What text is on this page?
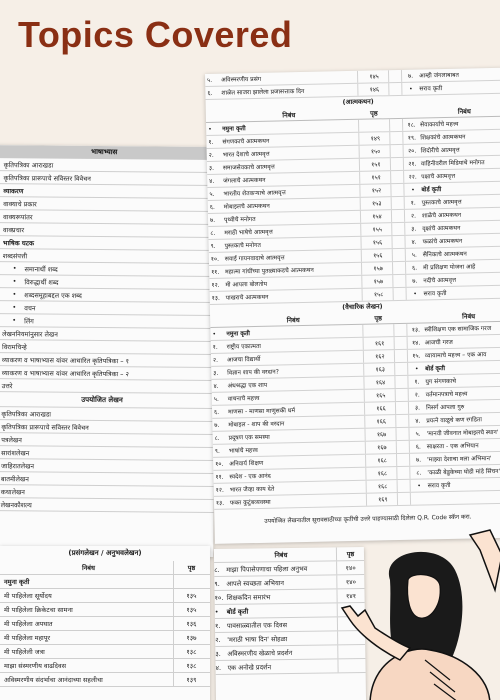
Topics Covered
भाषाभ्यास
कृतिपत्रिका आराखडा
कृतिपत्रिका प्रारूपाचे सविस्तर विवेचन
व्याकरण
वाक्याचे प्रकार
वाक्यरूपांतर
वाक्प्रचार
भाषिक घटक
शब्दसंपत्ती
• समानार्थी शब्द
• विरुद्धार्थी शब्द
• शब्दसमूहाबद्दल एक शब्द
• वचन
• लिंग
लेखननियमांनुसार लेखन
विरामचिन्हे
व्याकरण व भाषाभ्यास यांवर आधारित कृतिपत्रिका – १
व्याकरण व भाषाभ्यास यांवर आधारित कृतिपत्रिका – २
उत्तरे
उपयोजित लेखन
कृतिपत्रिका आराखडा
कृतिपत्रिका प्रारूपाचे सविस्तर विवेचन
पत्रलेखन
सारांशलेखन
जाहिरातलेखन
बातमीलेखन
कथालेखन
लेखनकौशल्य
५.	अविस्मरणीय प्रसंग	१४५	७. आम्ही जंगलाबाबत
६.	शाळेत साजरा झालेला प्रजासत्ताक दिन	१४६	•	सराव कृती
(आत्मकथन)
निबंध	पृष्ठ	निबंध
•	नमुना कृती	१८. सेवाकार्याचे महत्त्व
१.	संगणकाचे आत्मकथन	१४९	१९. शिक्षकांचे आत्मकथन
२.	भारत देशाचे आत्मवृत्त	१५०	२०. शिदोरीचे आत्मवृत्त
३.	समाजसेवकाचे आत्मवृत्त	१५१	२१. वाहिनीवरील मिडियाचे मनोगत
४.	जंगलाचे आत्मकथन	१५१	२२. पक्षाचे आत्मवृत्त
५.	भारतीय शेतकऱ्याचे आत्मवृत्त	१५२	•	बोर्ड कृती
६.	मोबाइलचे आत्मकथन	१५३	१. पुस्तकाचे आत्मवृत्त
७.	पृथ्वीचे मनोगत	१५४	२. शाळेचे आत्मकथन
८.	मराठी भाषेचे आत्मवृत्त	१५५	३. वृक्षांचे आत्मकथन
९.	पुस्तकाचे मनोगत	१५६	४. फळांचे आत्मकथन
१०. सवाई गायनवादाचे आत्मवृत्त	१५६	५. सैनिकाचे आत्मकथन
११. महात्मा गांधींच्या पुतळ्याकडचे आत्मकथन	१५७	६. मी प्रशिक्षण योजना आहे
१२. मी आपला बोलतोय	१५७	७. नदीचे आत्मवृत्त
१३. पाखराचे आत्मकथन	१५८	•	सराव कृती
(वैचारिक लेखन)
निबंध	पृष्ठ	निबंध
•	नमुना कृती	१३. स्त्रीशिक्षण एक सामाजिक गरज
१.	राष्ट्रीय एकात्मता	१६१	१४. आजची गरज
२.	आजचा विद्यार्थी	१६२	१५. व्यायामाचे महत्त्व – एक आव
३.	विज्ञान शाप की वरदान?	१६३	•	बोर्ड कृती
४.	अंधश्रद्धा एक शाप	१६४	१. युग संगणकाचे
५.	वाचनाचे महत्त्व	१६५	२. वर्तमानपत्राचे महत्त्व
६.	माणसा - माणसा माणुसकी धर्म	१६६	३. निसर्ग आपला गुरु
७.	मोबाइल - शाप की वरदान	१६६	४. प्रयत्ने वाळूचे कण रगडिता
८.	प्रदूषण एक समस्या	१६७	५. 'मानवी जीवनात मोबाइलचे स्थान'
९.	भाषांचे महत्त्व	१६७	६. साक्षरता - एक अभियान
१०. अनिवार्य शिक्षण	१६८	७. 'माझ्या देशाचा मला अभिमान'
११. स्वदेश - एक आनंद	१६८	८. 'काळी बेडूकेच्या घोडी मांडे सिंचन'
१२. भारत जेव्हा काय देते	१६८	•	सराव कृती
१३. फक्त कुटुंबव्यवस्था	१६९
उपयोजित लेखनातील सुरावसाठीच्या कृतींची उत्तरे पाहण्यासाठी दिलेला Q.R. Code स्कॅन करा.
(प्रसंगलेखन / अनुभवलेखन)
निबंध	पृष्ठ
नमुना कृती
मी पाहिलेला सूर्योदय	१३५
मी पाहिलेला क्रिकेटचा सामना	१३५
मी पाहिलेला अपघात	१३६
मी पाहिलेला महापूर	१३७
मी पाहिलेली जत्रा	१३८
माझा संस्मरणीय वाढदिवस	१३८
अविस्मरणीय संदर्भाचा आनंदाच्या सहलीचा	१३९
निबंध	पृष्ठ
८. माझा पिपासेपणाचा पहिला अनुभव	१४०
९. आपले स्वच्छता अभियान	१४०
१०. शिक्षकदिन समारंभ	१४१
•	बोर्ड कृती
१. पावसाळ्यातील एक दिवस
२. 'मराठी भाषा दिन' सोहळा
३. अविस्मरणीय खेळाचे प्रदर्शन
४. एक अनोखे प्रदर्शन
